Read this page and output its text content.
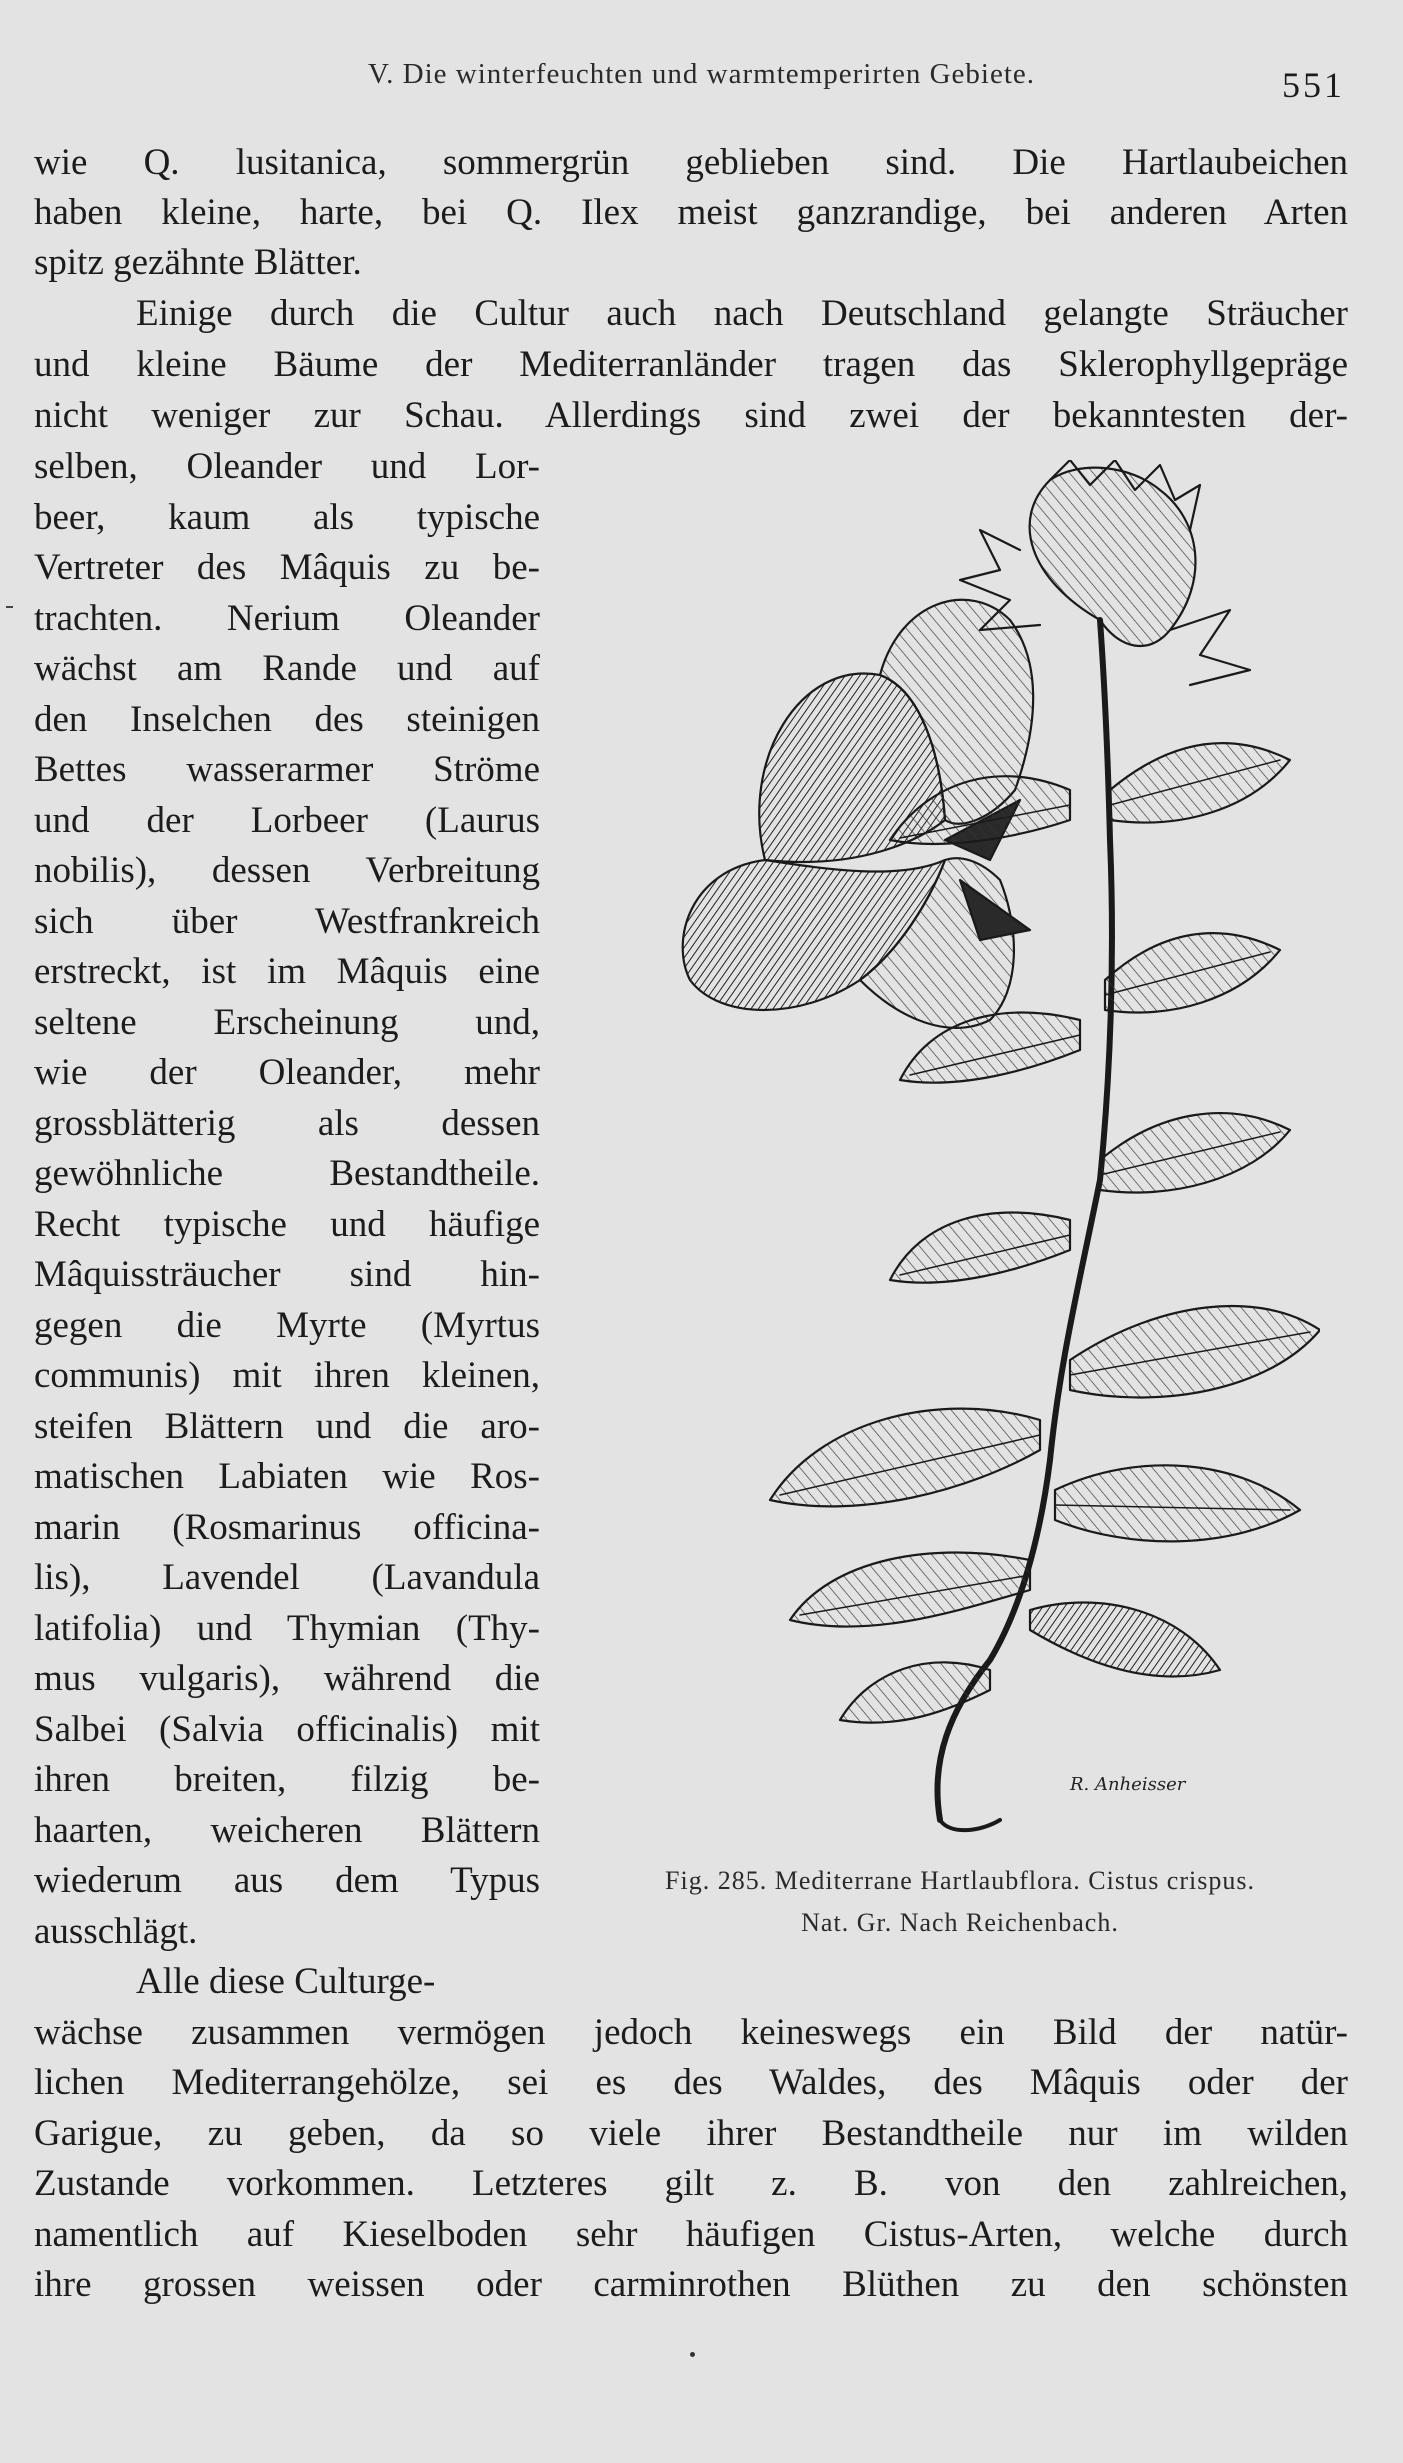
V. Die winterfeuchten und warmtemperirten Gebiete.	551
wie Q. lusitanica, sommergrün geblieben sind. Die Hartlaubeichen
haben kleine, harte, bei Q. Ilex meist ganzrandige, bei anderen Arten
spitz gezähnte Blätter.
Einige durch die Cultur auch nach Deutschland gelangte Sträucher
und kleine Bäume der Mediterranländer tragen das Sklerophyllgepräge
nicht weniger zur Schau. Allerdings sind zwei der bekanntesten der-
selben, Oleander und Lor-
beer, kaum als typische
Vertreter des Mâquis zu be-
trachten. Nerium Oleander
wächst am Rande und auf
den Inselchen des steinigen
Bettes wasserarmer Ströme
und der Lorbeer (Laurus
nobilis), dessen Verbreitung
sich über Westfrankreich
erstreckt, ist im Mâquis eine
seltene Erscheinung und,
wie der Oleander, mehr
grossblätterig als dessen
gewöhnliche Bestandtheile.
Recht typische und häufige
Mâquissträucher sind hin-
gegen die Myrte (Myrtus
communis) mit ihren kleinen,
steifen Blättern und die aro-
matischen Labiaten wie Ros-
marin (Rosmarinus officina-
lis), Lavendel (Lavandula
latifolia) und Thymian (Thy-
mus vulgaris), während die
Salbei (Salvia officinalis) mit
ihren breiten, filzig be-
haarten, weicheren Blättern
wiederum aus dem Typus
ausschlägt.
Alle diese Culturge-
wächse zusammen vermögen jedoch keineswegs ein Bild der natür-
lichen Mediterrangehölze, sei es des Waldes, des Mâquis oder der
Garigue, zu geben, da so viele ihrer Bestandtheile nur im wilden
Zustande vorkommen. Letzteres gilt z. B. von den zahlreichen,
namentlich auf Kieselboden sehr häufigen Cistus-Arten, welche durch
ihre grossen weissen oder carminrothen Blüthen zu den schönsten
R. Anheisser
Fig. 285. Mediterrane Hartlaubflora. Cistus crispus.
Nat. Gr. Nach Reichenbach.
